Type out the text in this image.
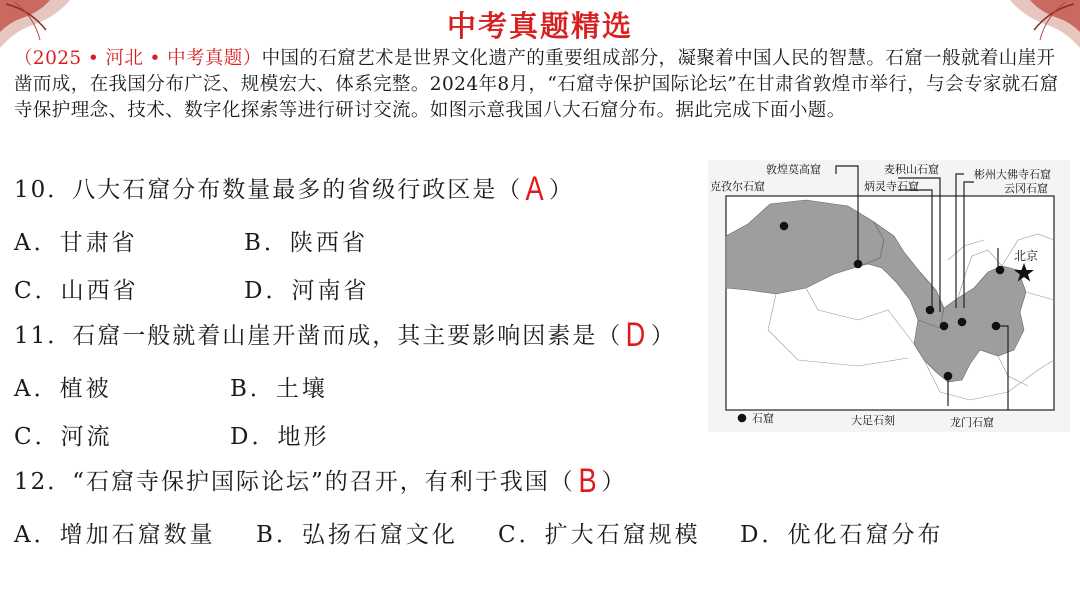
中考真题精选
（2025 • 河北 • 中考真题）中国的石窟艺术是世界文化遗产的重要组成部分，凝聚着中国人民的智慧。石窟一般就着山崖开凿而成，在我国分布广泛、规模宏大、体系完整。2024年8月，“石窟寺保护国际论坛”在甘肃省敦煌市举行，与会专家就石窟寺保护理念、技术、数字化探索等进行研讨交流。如图示意我国八大石窟分布。据此完成下面小题。
10．八大石窟分布数量最多的省级行政区是（ A ）
A．甘肃省	B．陕西省
C．山西省	D．河南省
11．石窟一般就着山崖开凿而成，其主要影响因素是（ D ）
A．植被	B．土壤
C．河流	D．地形
12．“石窟寺保护国际论坛”的召开，有利于我国（ B ）
A．增加石窟数量 B．弘扬石窟文化 C．扩大石窟规模 D．优化石窟分布
敦煌莫高窟
克孜尔石窟
麦积山石窟
炳灵寺石窟
彬州大佛寺石窟
云冈石窟
北京
大足石刻	龙门石窟
石窟
